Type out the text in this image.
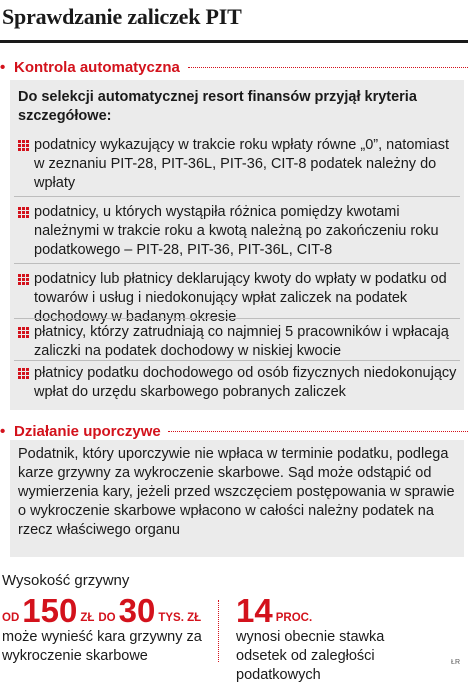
Sprawdzanie zaliczek PIT
• Kontrola automatyczna
Do selekcji automatycznej resort finansów przyjął kryteria szczegółowe:
podatnicy wykazujący w trakcie roku wpłaty równe „0”, natomiast w zeznaniu PIT-28, PIT-36L, PIT-36, CIT-8 podatek należny do wpłaty
podatnicy, u których wystąpiła różnica pomiędzy kwotami należnymi w trakcie roku a kwotą należną po zakończeniu roku podatkowego – PIT-28, PIT-36, PIT-36L, CIT-8
podatnicy lub płatnicy deklarujący kwoty do wpłaty w podatku od towarów i usług i niedokonujący wpłat zaliczek na podatek dochodowy w badanym okresie
płatnicy, którzy zatrudniają co najmniej 5 pracowników i wpłacają zaliczki na podatek dochodowy w niskiej kwocie
płatnicy podatku dochodowego od osób fizycznych niedokonujący wpłat do urzędu skarbowego pobranych zaliczek
• Działanie uporczywe
Podatnik, który uporczywie nie wpłaca w terminie podatku, podlega karze grzywny za wykroczenie skarbowe. Sąd może odstąpić od wymierzenia kary, jeżeli przed wszczęciem postępowania w sprawie o wykroczenie skarbowe wpłacono w całości należny podatek na rzecz właściwego organu
Wysokość grzywny
OD 150 ZŁ DO 30 TYS. ZŁ
może wynieść kara grzywny za wykroczenie skarbowe
14 PROC.
wynosi obecnie stawka odsetek od zaległości podatkowych
ŁR
